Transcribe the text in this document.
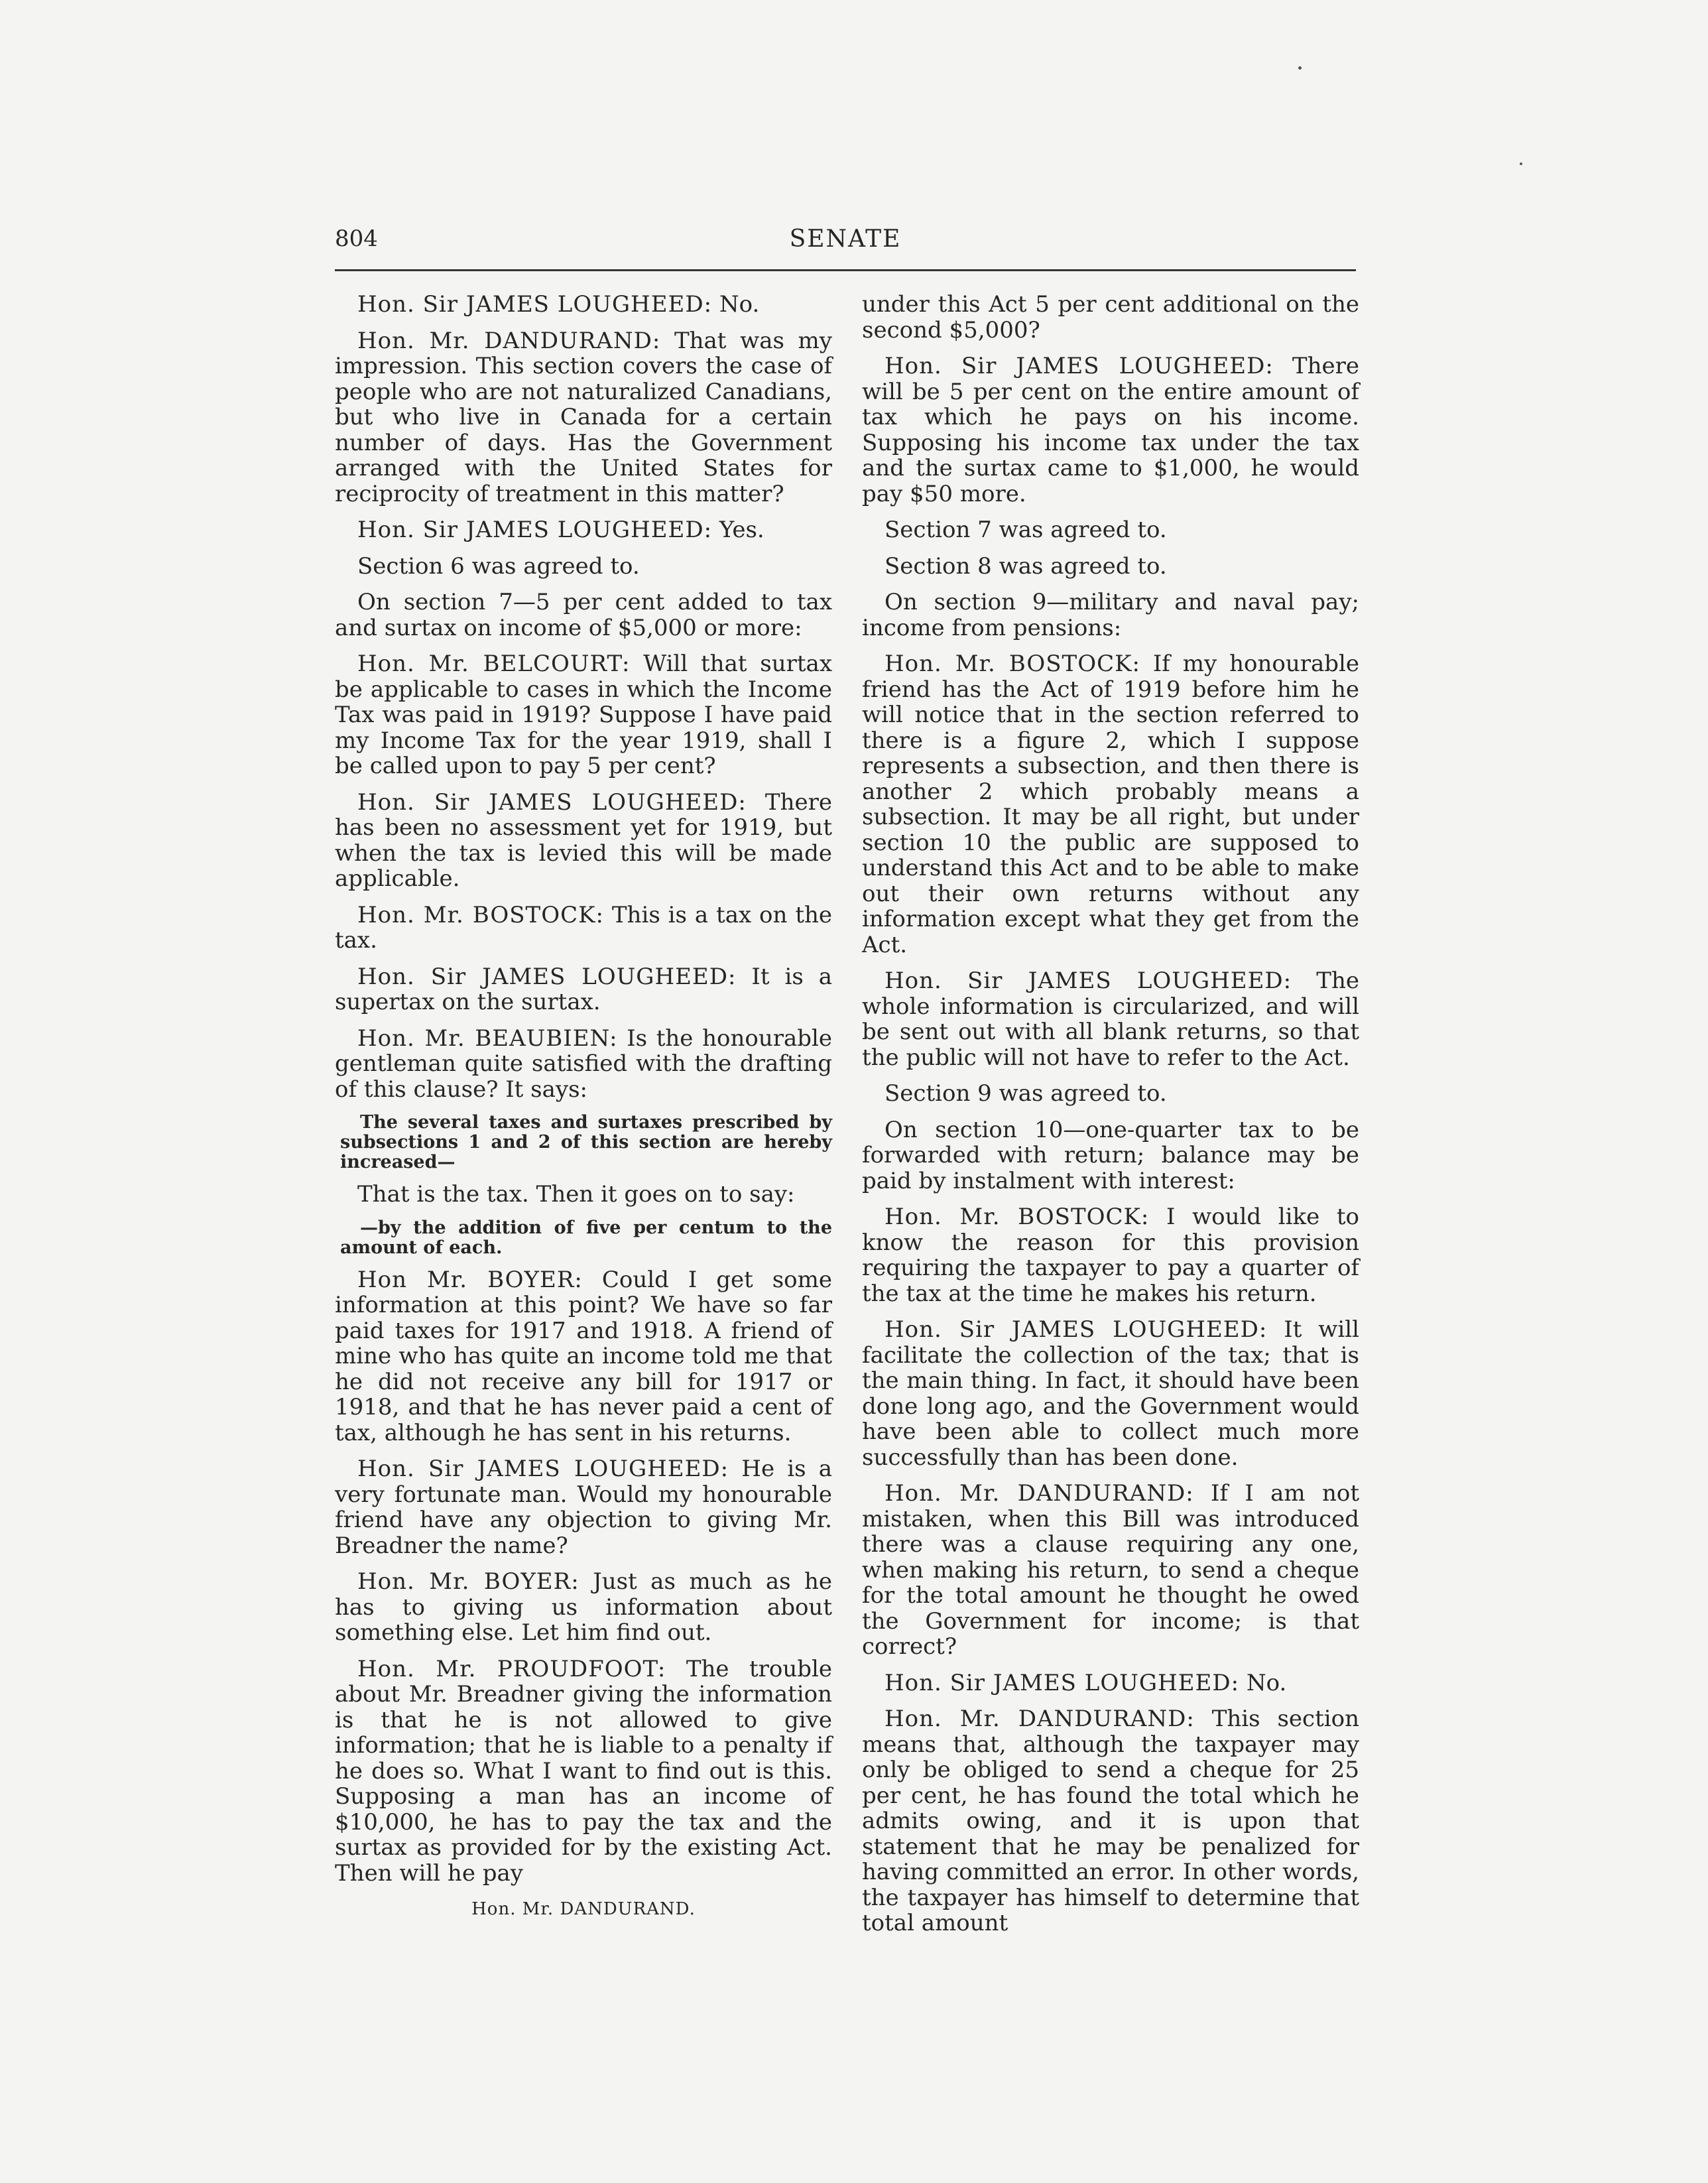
804	SENATE

Hon. Sir JAMES LOUGHEED: No.

Hon. Mr. DANDURAND: That was my impression. This section covers the case of people who are not naturalized Canadians, but who live in Canada for a certain number of days. Has the Government arranged with the United States for reciprocity of treatment in this matter?

Hon. Sir JAMES LOUGHEED: Yes.

Section 6 was agreed to.

On section 7—5 per cent added to tax and surtax on income of $5,000 or more:

Hon. Mr. BELCOURT: Will that surtax be applicable to cases in which the Income Tax was paid in 1919? Suppose I have paid my Income Tax for the year 1919, shall I be called upon to pay 5 per cent?

Hon. Sir JAMES LOUGHEED: There has been no assessment yet for 1919, but when the tax is levied this will be made applicable.

Hon. Mr. BOSTOCK: This is a tax on the tax.

Hon. Sir JAMES LOUGHEED: It is a supertax on the surtax.

Hon. Mr. BEAUBIEN: Is the honourable gentleman quite satisfied with the drafting of this clause? It says:

The several taxes and surtaxes prescribed by subsections 1 and 2 of this section are hereby increased—

That is the tax. Then it goes on to say:

—by the addition of five per centum to the amount of each.

Hon Mr. BOYER: Could I get some information at this point? We have so far paid taxes for 1917 and 1918. A friend of mine who has quite an income told me that he did not receive any bill for 1917 or 1918, and that he has never paid a cent of tax, although he has sent in his returns.

Hon. Sir JAMES LOUGHEED: He is a very fortunate man. Would my honourable friend have any objection to giving Mr. Breadner the name?

Hon. Mr. BOYER: Just as much as he has to giving us information about something else. Let him find out.

Hon. Mr. PROUDFOOT: The trouble about Mr. Breadner giving the information is that he is not allowed to give information; that he is liable to a penalty if he does so. What I want to find out is this. Supposing a man has an income of $10,000, he has to pay the tax and the surtax as provided for by the existing Act. Then will he pay

Hon. Mr. DANDURAND.

under this Act 5 per cent additional on the second $5,000?

Hon. Sir JAMES LOUGHEED: There will be 5 per cent on the entire amount of tax which he pays on his income. Supposing his income tax under the tax and the surtax came to $1,000, he would pay $50 more.

Section 7 was agreed to.

Section 8 was agreed to.

On section 9—military and naval pay; income from pensions:

Hon. Mr. BOSTOCK: If my honourable friend has the Act of 1919 before him he will notice that in the section referred to there is a figure 2, which I suppose represents a subsection, and then there is another 2 which probably means a subsection. It may be all right, but under section 10 the public are supposed to understand this Act and to be able to make out their own returns without any information except what they get from the Act.

Hon. Sir JAMES LOUGHEED: The whole information is circularized, and will be sent out with all blank returns, so that the public will not have to refer to the Act.

Section 9 was agreed to.

On section 10—one-quarter tax to be forwarded with return; balance may be paid by instalment with interest:

Hon. Mr. BOSTOCK: I would like to know the reason for this provision requiring the taxpayer to pay a quarter of the tax at the time he makes his return.

Hon. Sir JAMES LOUGHEED: It will facilitate the collection of the tax; that is the main thing. In fact, it should have been done long ago, and the Government would have been able to collect much more successfully than has been done.

Hon. Mr. DANDURAND: If I am not mistaken, when this Bill was introduced there was a clause requiring any one, when making his return, to send a cheque for the total amount he thought he owed the Government for income; is that correct?

Hon. Sir JAMES LOUGHEED: No.

Hon. Mr. DANDURAND: This section means that, although the taxpayer may only be obliged to send a cheque for 25 per cent, he has found the total which he admits owing, and it is upon that statement that he may be penalized for having committed an error. In other words, the taxpayer has himself to determine that total amount
